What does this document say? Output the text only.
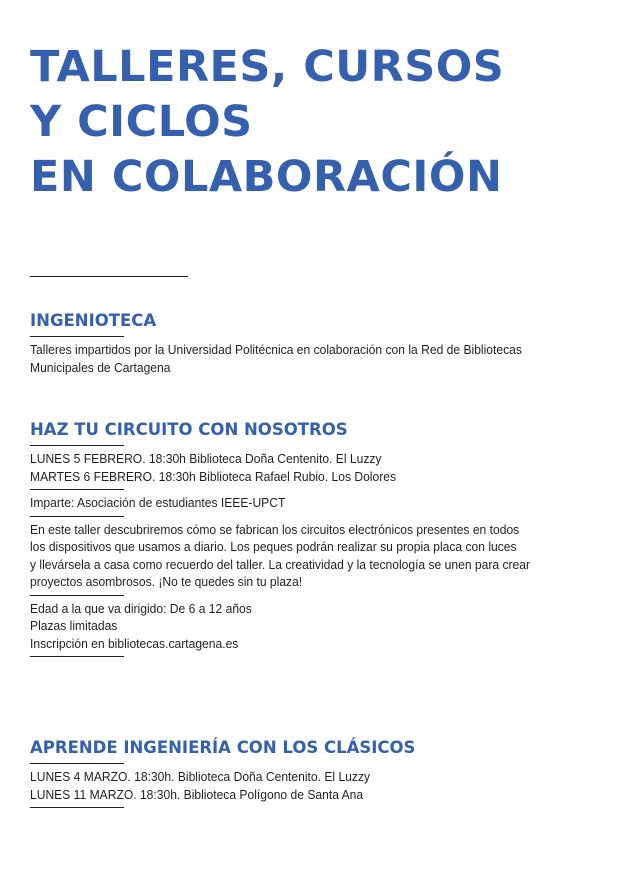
TALLERES, CURSOS
Y CICLOS
EN COLABORACIÓN
INGENIOTECA
Talleres impartidos por la Universidad Politécnica en colaboración con la Red de Bibliotecas
Municipales de Cartagena
HAZ TU CIRCUITO CON NOSOTROS
LUNES 5 FEBRERO. 18:30h Biblioteca Doña Centenito. El Luzzy
MARTES 6 FEBRERO. 18:30h Biblioteca Rafael Rubio. Los Dolores
Imparte: Asociación de estudiantes IEEE-UPCT
En este taller descubriremos cómo se fabrican los circuitos electrónicos presentes en todos
los dispositivos que usamos a diario. Los peques podrán realizar su propia placa con luces
y llevársela a casa como recuerdo del taller. La creatividad y la tecnología se unen para crear
proyectos asombrosos. ¡No te quedes sin tu plaza!
Edad a la que va dirigido: De 6 a 12 años
Plazas limitadas
Inscripción en bibliotecas.cartagena.es
APRENDE INGENIERÍA CON LOS CLÁSICOS
LUNES 4 MARZO. 18:30h. Biblioteca Doña Centenito. El Luzzy
LUNES 11 MARZO. 18:30h. Biblioteca Polígono de Santa Ana
